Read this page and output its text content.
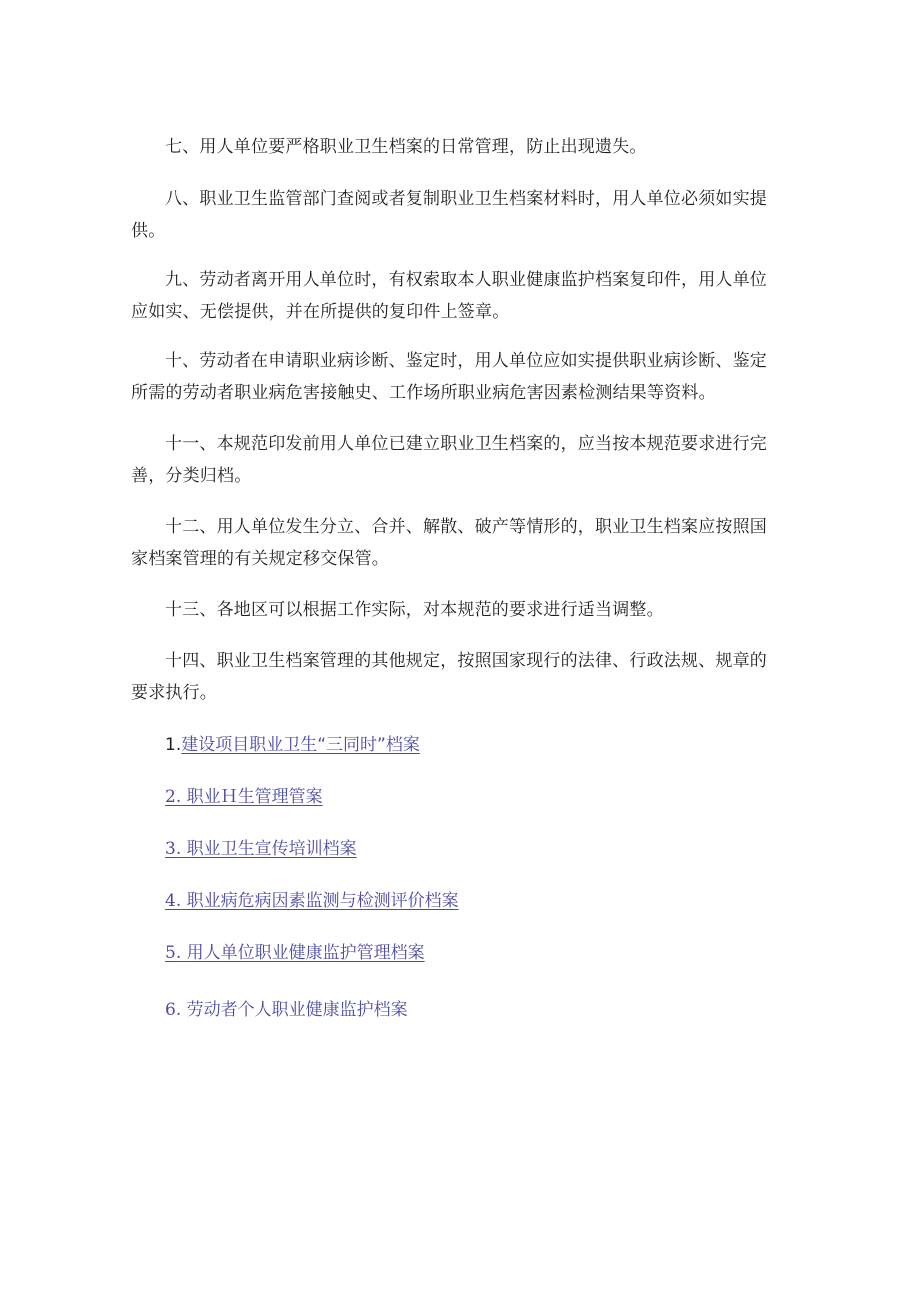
七、用人单位要严格职业卫生档案的日常管理，防止出现遗失。

八、职业卫生监管部门查阅或者复制职业卫生档案材料时，用人单位必须如实提供。

九、劳动者离开用人单位时，有权索取本人职业健康监护档案复印件，用人单位应如实、无偿提供，并在所提供的复印件上签章。

十、劳动者在申请职业病诊断、鉴定时，用人单位应如实提供职业病诊断、鉴定所需的劳动者职业病危害接触史、工作场所职业病危害因素检测结果等资料。

十一、本规范印发前用人单位已建立职业卫生档案的，应当按本规范要求进行完善，分类归档。

十二、用人单位发生分立、合并、解散、破产等情形的，职业卫生档案应按照国家档案管理的有关规定移交保管。

十三、各地区可以根据工作实际，对本规范的要求进行适当调整。

十四、职业卫生档案管理的其他规定，按照国家现行的法律、行政法规、规章的要求执行。

1.建设项目职业卫生“三同时”档案
2. 职业Ｈ生管理管案
3. 职业卫生宣传培训档案
4. 职业病危病因素监测与检测评价档案
5. 用人单位职业健康监护管理档案
6. 劳动者个人职业健康监护档案
